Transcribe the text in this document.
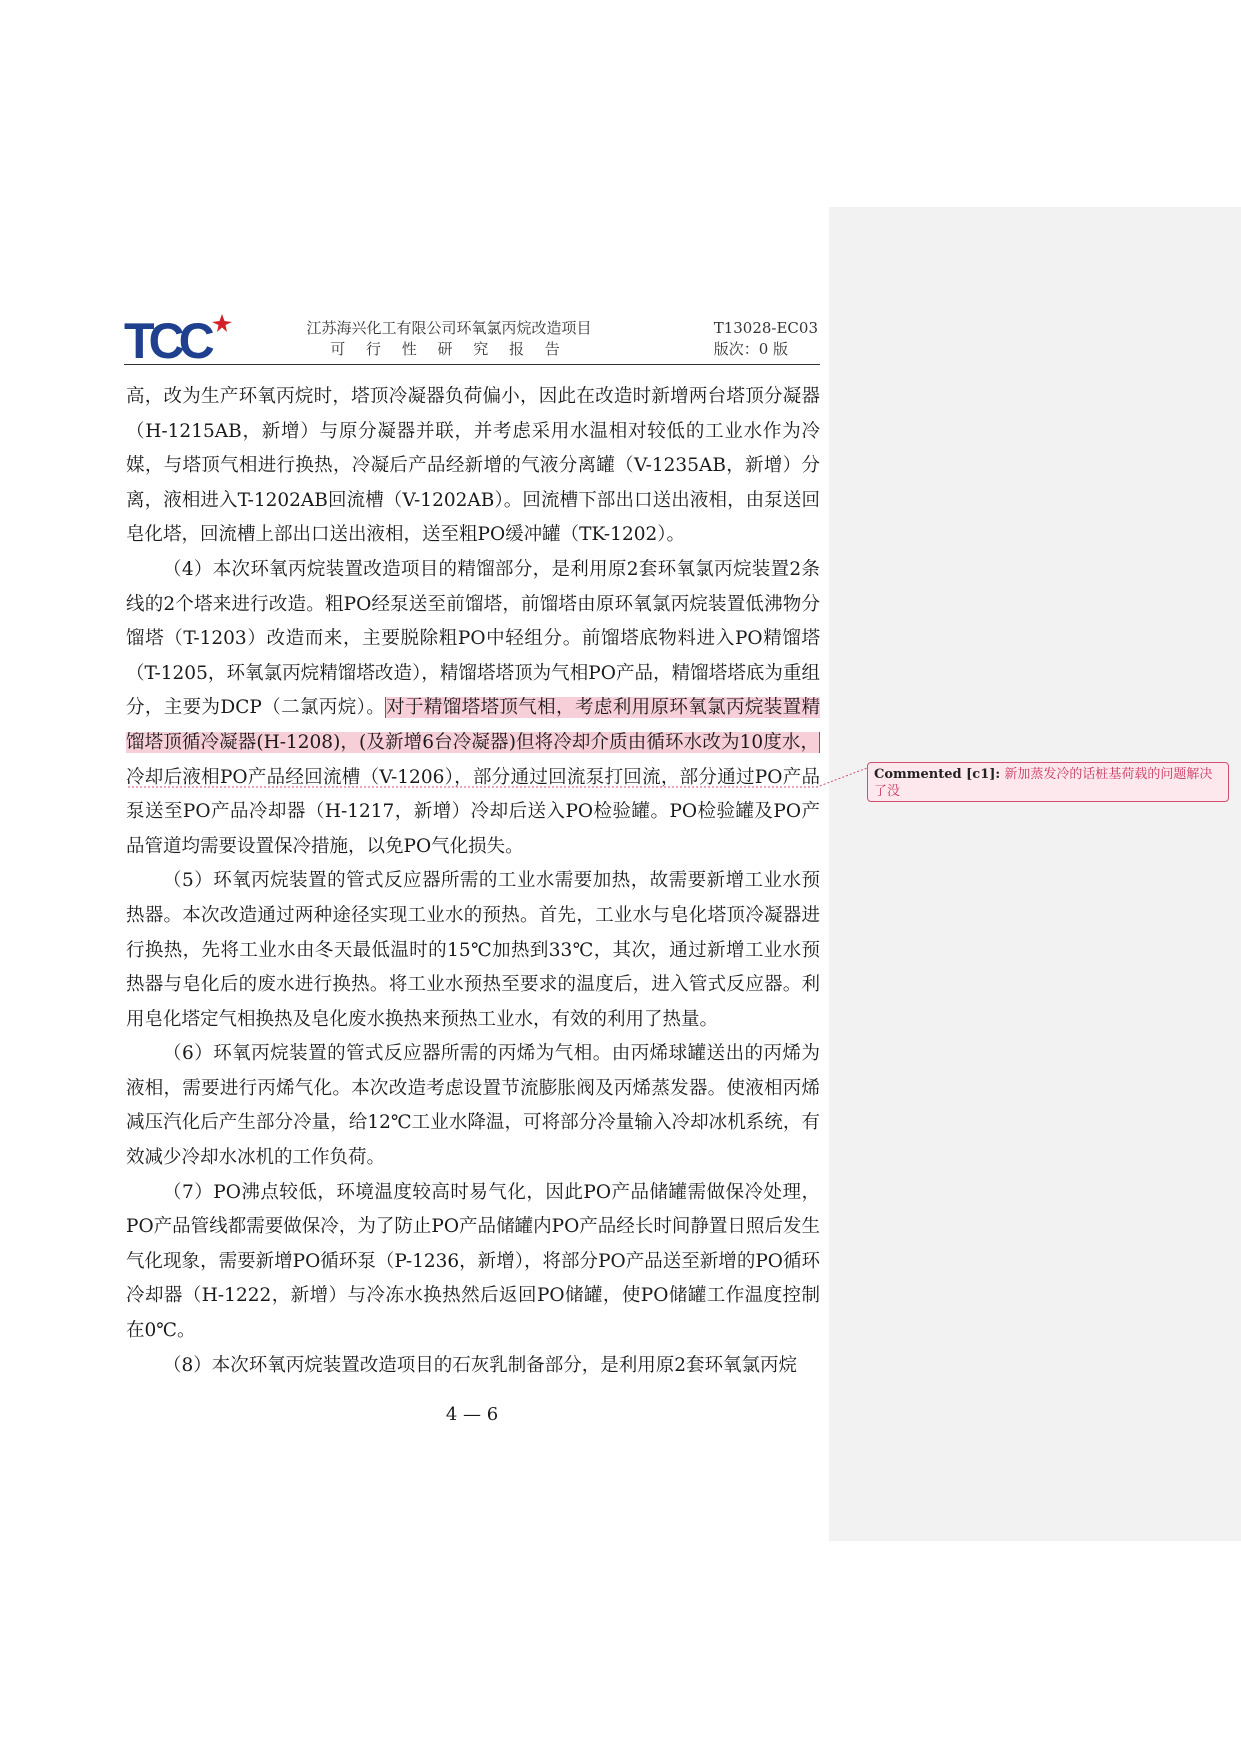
TCC	江苏海兴化工有限公司环氧氯丙烷改造项目
可 行 性 研 究 报 告
T13028-EC03
版次：0 版

高，改为生产环氧丙烷时，塔顶冷凝器负荷偏小，因此在改造时新增两台塔顶分凝器（H-1215AB，新增）与原分凝器并联，并考虑采用水温相对较低的工业水作为冷媒，与塔顶气相进行换热，冷凝后产品经新增的气液分离罐（V-1235AB，新增）分离，液相进入T-1202AB回流槽（V-1202AB）。回流槽下部出口送出液相，由泵送回皂化塔，回流槽上部出口送出液相，送至粗PO缓冲罐（TK-1202）。

（4）本次环氧丙烷装置改造项目的精馏部分，是利用原2套环氧氯丙烷装置2条线的2个塔来进行改造。粗PO经泵送至前馏塔，前馏塔由原环氧氯丙烷装置低沸物分馏塔（T-1203）改造而来，主要脱除粗PO中轻组分。前馏塔底物料进入PO精馏塔（T-1205，环氧氯丙烷精馏塔改造），精馏塔塔顶为气相PO产品，精馏塔塔底为重组分，主要为DCP（二氯丙烷）。对于精馏塔塔顶气相，考虑利用原环氧氯丙烷装置精馏塔顶循冷凝器(H-1208)，(及新增6台冷凝器)但将冷却介质由循环水改为10度水，冷却后液相PO产品经回流槽（V-1206），部分通过回流泵打回流，部分通过PO产品泵送至PO产品冷却器（H-1217，新增）冷却后送入PO检验罐。PO检验罐及PO产品管道均需要设置保冷措施，以免PO气化损失。

（5）环氧丙烷装置的管式反应器所需的工业水需要加热，故需要新增工业水预热器。本次改造通过两种途径实现工业水的预热。首先，工业水与皂化塔顶冷凝器进行换热，先将工业水由冬天最低温时的15℃加热到33℃，其次，通过新增工业水预热器与皂化后的废水进行换热。将工业水预热至要求的温度后，进入管式反应器。利用皂化塔定气相换热及皂化废水换热来预热工业水，有效的利用了热量。

（6）环氧丙烷装置的管式反应器所需的丙烯为气相。由丙烯球罐送出的丙烯为液相，需要进行丙烯气化。本次改造考虑设置节流膨胀阀及丙烯蒸发器。使液相丙烯减压汽化后产生部分冷量，给12℃工业水降温，可将部分冷量输入冷却冰机系统，有效减少冷却水冰机的工作负荷。

（7）PO沸点较低，环境温度较高时易气化，因此PO产品储罐需做保冷处理，PO产品管线都需要做保冷，为了防止PO产品储罐内PO产品经长时间静置日照后发生气化现象，需要新增PO循环泵（P-1236，新增），将部分PO产品送至新增的PO循环冷却器（H-1222，新增）与冷冻水换热然后返回PO储罐，使PO储罐工作温度控制在0℃。

（8）本次环氧丙烷装置改造项目的石灰乳制备部分，是利用原2套环氧氯丙烷

Commented [c1]: 新加蒸发冷的话桩基荷载的问题解决了没
4 — 6
